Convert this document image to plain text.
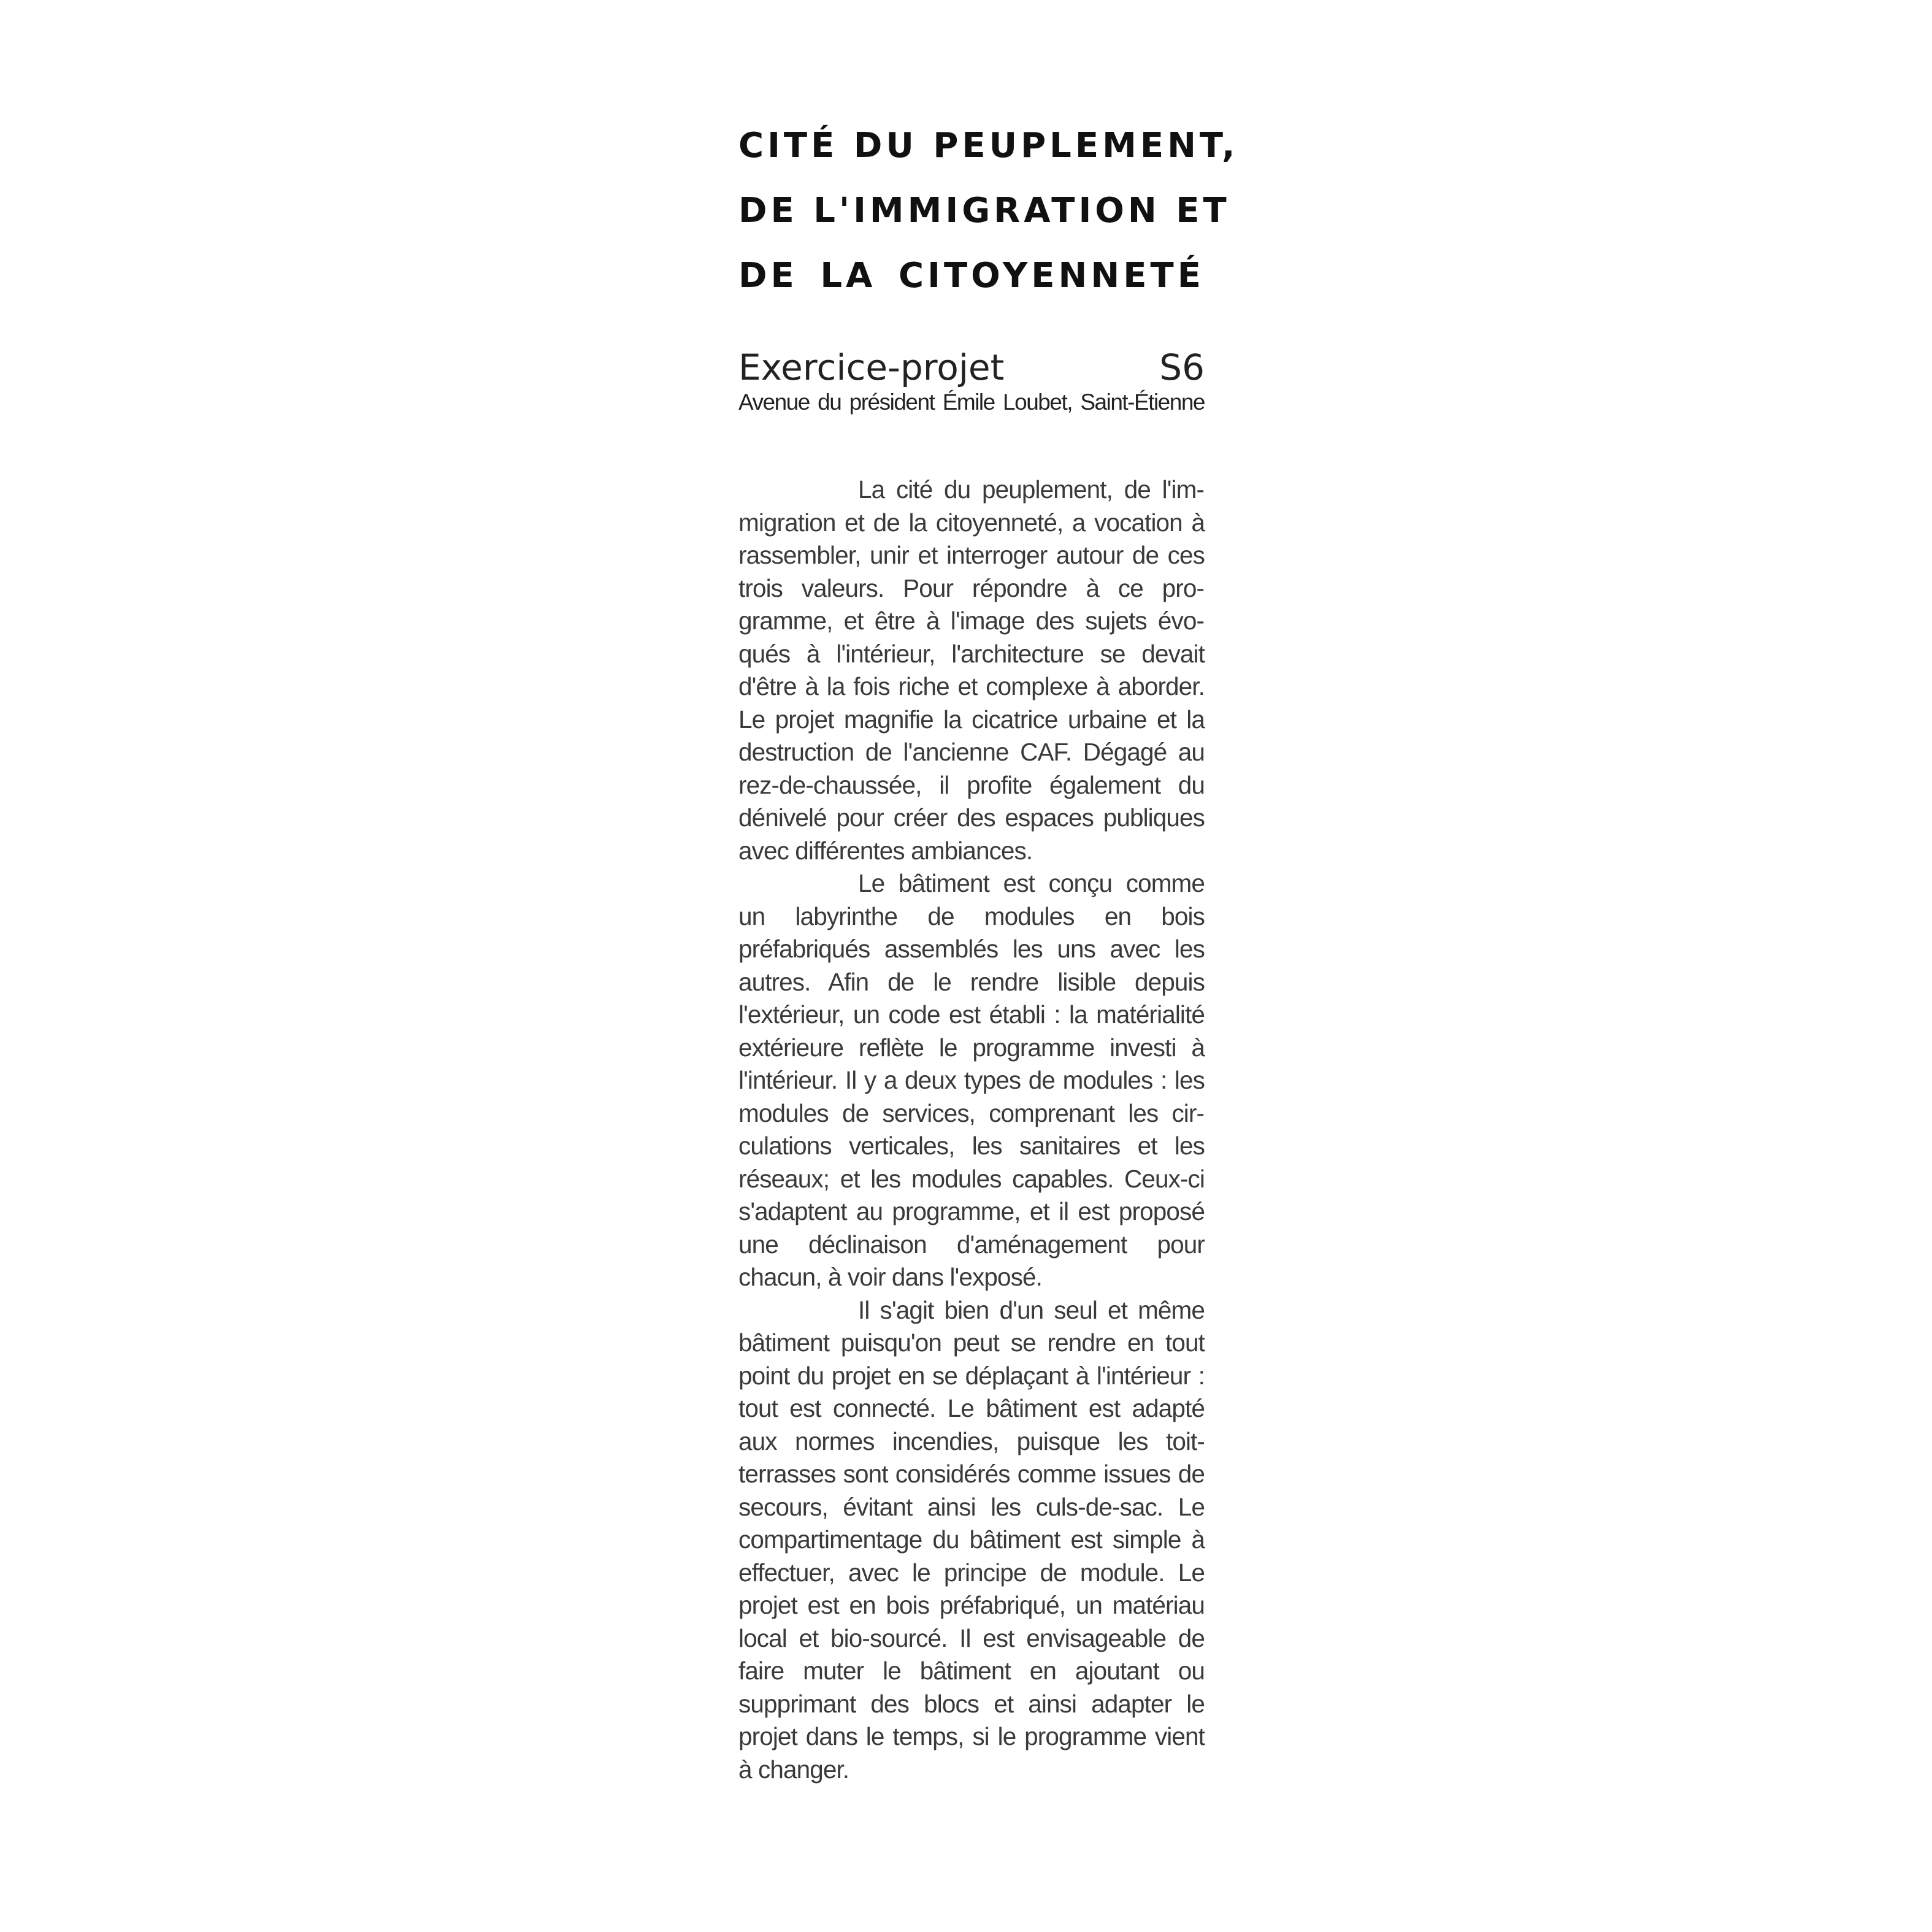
CITÉ DU PEUPLEMENT,
DE L'IMMIGRATION ET
DE LA CITOYENNETÉ
Exercice-projet	S6
Avenue du président Émile Loubet, Saint-Étienne

La cité du peuplement, de l'immigration et de la citoyenneté, a vocation à rassembler, unir et interroger autour de ces trois valeurs. Pour répondre à ce programme, et être à l'image des sujets évoqués à l'intérieur, l'architecture se devait d'être à la fois riche et complexe à aborder. Le projet magnifie la cicatrice urbaine et la destruction de l'ancienne CAF. Dégagé au rez-de-chaussée, il profite également du dénivelé pour créer des espaces publiques avec différentes ambiances.

Le bâtiment est conçu comme un labyrinthe de modules en bois préfabriqués assemblés les uns avec les autres. Afin de le rendre lisible depuis l'extérieur, un code est établi : la matérialité extérieure reflète le programme investi à l'intérieur. Il y a deux types de modules : les modules de services, comprenant les circulations verticales, les sanitaires et les réseaux; et les modules capables. Ceux-ci s'adaptent au programme, et il est proposé une déclinaison d'aménagement pour chacun, à voir dans l'exposé.

Il s'agit bien d'un seul et même bâtiment puisqu'on peut se rendre en tout point du projet en se déplaçant à l'intérieur : tout est connecté. Le bâtiment est adapté aux normes incendies, puisque les toit-terrasses sont considérés comme issues de secours, évitant ainsi les culs-de-sac. Le compartimentage du bâtiment est simple à effectuer, avec le principe de module. Le projet est en bois préfabriqué, un matériau local et bio-sourcé. Il est envisageable de faire muter le bâtiment en ajoutant ou supprimant des blocs et ainsi adapter le projet dans le temps, si le programme vient à changer.
